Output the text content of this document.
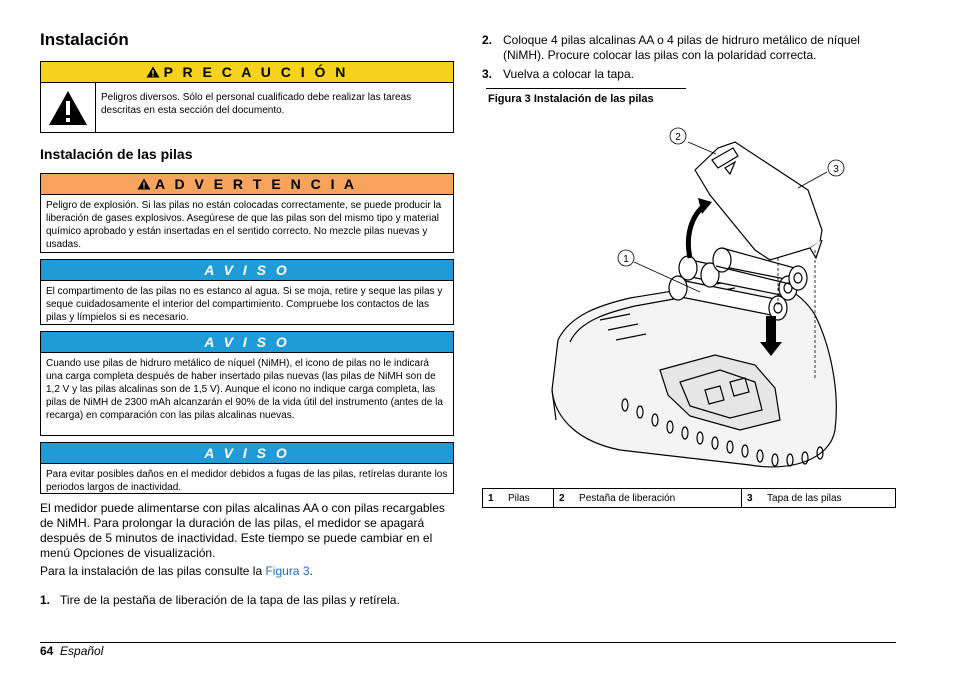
Instalación
P R E C A U C I Ó N
Peligros diversos. Sólo el personal cualificado debe realizar las tareas descritas en esta sección del documento.
Instalación de las pilas
A D V E R T E N C I A
Peligro de explosión. Si las pilas no están colocadas correctamente, se puede producir la liberación de gases explosivos. Asegúrese de que las pilas son del mismo tipo y material químico aprobado y están insertadas en el sentido correcto. No mezcle pilas nuevas y usadas.
A V I S O
El compartimento de las pilas no es estanco al agua. Si se moja, retire y seque las pilas y seque cuidadosamente el interior del compartimiento. Compruebe los contactos de las pilas y límpielos si es necesario.
A V I S O
Cuando use pilas de hidruro metálico de níquel (NiMH), el icono de pilas no le indicará una carga completa después de haber insertado pilas nuevas (las pilas de NiMH son de 1,2 V y las pilas alcalinas son de 1,5 V). Aunque el icono no indique carga completa, las pilas de NiMH de 2300 mAh alcanzarán el 90% de la vida útil del instrumento (antes de la recarga) en comparación con las pilas alcalinas nuevas.
A V I S O
Para evitar posibles daños en el medidor debidos a fugas de las pilas, retírelas durante los periodos largos de inactividad.

El medidor puede alimentarse con pilas alcalinas AA o con pilas recargables de NiMH. Para prolongar la duración de las pilas, el medidor se apagará después de 5 minutos de inactividad. Este tiempo se puede cambiar en el menú Opciones de visualización.

Para la instalación de las pilas consulte la Figura 3.

1. Tire de la pestaña de liberación de la tapa de las pilas y retírela.

2. Coloque 4 pilas alcalinas AA o 4 pilas de hidruro metálico de níquel (NiMH). Procure colocar las pilas con la polaridad correcta.

3. Vuelva a colocar la tapa.

Figura 3 Instalación de las pilas
1
2
3
1	Pilas	2	Pestaña de liberación	3	Tapa de las pilas
64 Español
